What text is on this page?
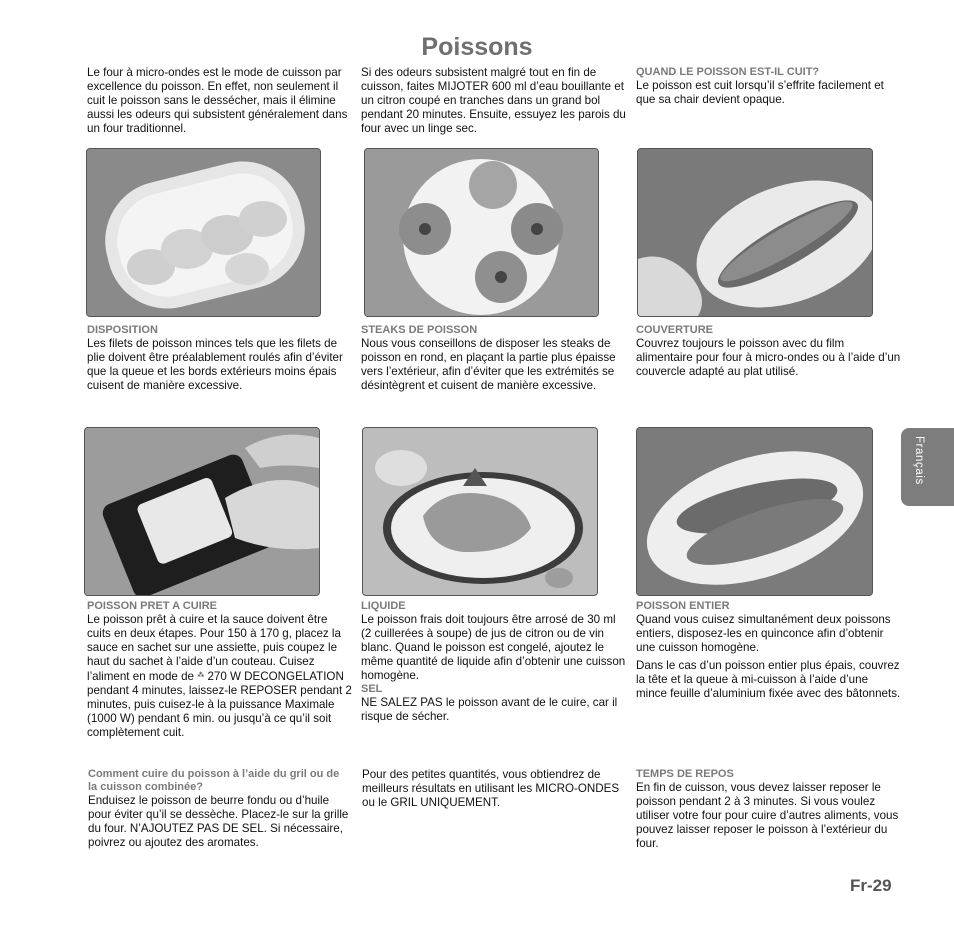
Poissons
Le four à micro-ondes est le mode de cuisson par excellence du poisson. En effet, non seulement il cuit le poisson sans le dessécher, mais il élimine aussi les odeurs qui subsistent généralement dans un four traditionnel.
Si des odeurs subsistent malgré tout en fin de cuisson, faites MIJOTER 600 ml d’eau bouillante et un citron coupé en tranches dans un grand bol pendant 20 minutes. Ensuite, essuyez les parois du four avec un linge sec.
QUAND LE POISSON EST-IL CUIT?

Le poisson est cuit lorsqu’il s’effrite facilement et que sa chair devient opaque.

DISPOSITION

Les filets de poisson minces tels que les filets de plie doivent être préalablement roulés afin d’éviter que la queue et les bords extérieurs moins épais cuisent de manière excessive.

STEAKS DE POISSON

Nous vous conseillons de disposer les steaks de poisson en rond, en plaçant la partie plus épaisse vers l’extérieur, afin d’éviter que les extrémités se désintègrent et cuisent de manière excessive.

COUVERTURE

Couvrez toujours le poisson avec du film alimentaire pour four à micro-ondes ou à l’aide d’un couvercle adapté au plat utilisé.

POISSON PRET A CUIRE

Le poisson prêt à cuire et la sauce doivent être cuits en deux étapes. Pour 150 à 170 g, placez la sauce en sachet sur une assiette, puis coupez le haut du sachet à l’aide d’un couteau. Cuisez l’aliment en mode de ⁂ 270 W DECONGELATION pendant 4 minutes, laissez-le REPOSER pendant 2 minutes, puis cuisez-le à la puissance Maximale (1000 W) pendant 6 min. ou jusqu’à ce qu’il soit complètement cuit.

LIQUIDE

Le poisson frais doit toujours être arrosé de 30 ml (2 cuillerées à soupe) de jus de citron ou de vin blanc. Quand le poisson est congelé, ajoutez le même quantité de liquide afin d’obtenir une cuisson homogène.

SEL

NE SALEZ PAS le poisson avant de le cuire, car il risque de sécher.

POISSON ENTIER

Quand vous cuisez simultanément deux poissons entiers, disposez-les en quinconce afin d’obtenir une cuisson homogène.

Dans le cas d’un poisson entier plus épais, couvrez la tête et la queue à mi-cuisson à l’aide d’une mince feuille d’aluminium fixée avec des bâtonnets.

Comment cuire du poisson à l’aide du gril ou de la cuisson combinée?

Enduisez le poisson de beurre fondu ou d’huile pour éviter qu’il se dessèche. Placez-le sur la grille du four. N’AJOUTEZ PAS DE SEL. Si nécessaire, poivrez ou ajoutez des aromates.

Pour des petites quantités, vous obtiendrez de meilleurs résultats en utilisant les MICRO-ONDES ou le GRIL UNIQUEMENT.
TEMPS DE REPOS

En fin de cuisson, vous devez laisser reposer le poisson pendant 2 à 3 minutes. Si vous voulez utiliser votre four pour cuire d’autres aliments, vous pouvez laisser reposer le poisson à l’extérieur du four.

Français
Fr-29
